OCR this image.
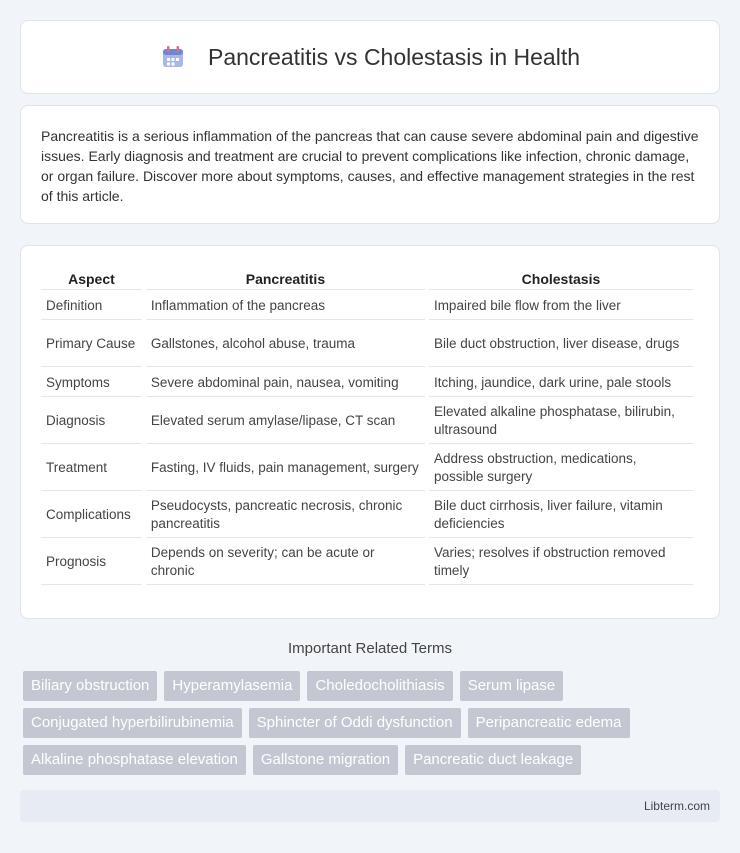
Pancreatitis vs Cholestasis in Health

Pancreatitis is a serious inflammation of the pancreas that can cause severe abdominal pain and digestive issues. Early diagnosis and treatment are crucial to prevent complications like infection, chronic damage, or organ failure. Discover more about symptoms, causes, and effective management strategies in the rest of this article.

Aspect	Pancreatitis	Cholestasis
Definition	Inflammation of the pancreas	Impaired bile flow from the liver
Primary Cause	Gallstones, alcohol abuse, trauma	Bile duct obstruction, liver disease, drugs
Symptoms	Severe abdominal pain, nausea, vomiting	Itching, jaundice, dark urine, pale stools
Diagnosis	Elevated serum amylase/lipase, CT scan	Elevated alkaline phosphatase, bilirubin, ultrasound
Treatment	Fasting, IV fluids, pain management, surgery	Address obstruction, medications, possible surgery
Complications	Pseudocysts, pancreatic necrosis, chronic pancreatitis	Bile duct cirrhosis, liver failure, vitamin deficiencies
Prognosis	Depends on severity; can be acute or chronic	Varies; resolves if obstruction removed timely
Important Related Terms
Biliary obstruction	Hyperamylasemia	Choledocholithiasis	Serum lipase
Conjugated hyperbilirubinemia	Sphincter of Oddi dysfunction	Peripancreatic edema
Alkaline phosphatase elevation	Gallstone migration	Pancreatic duct leakage
Libterm.com
